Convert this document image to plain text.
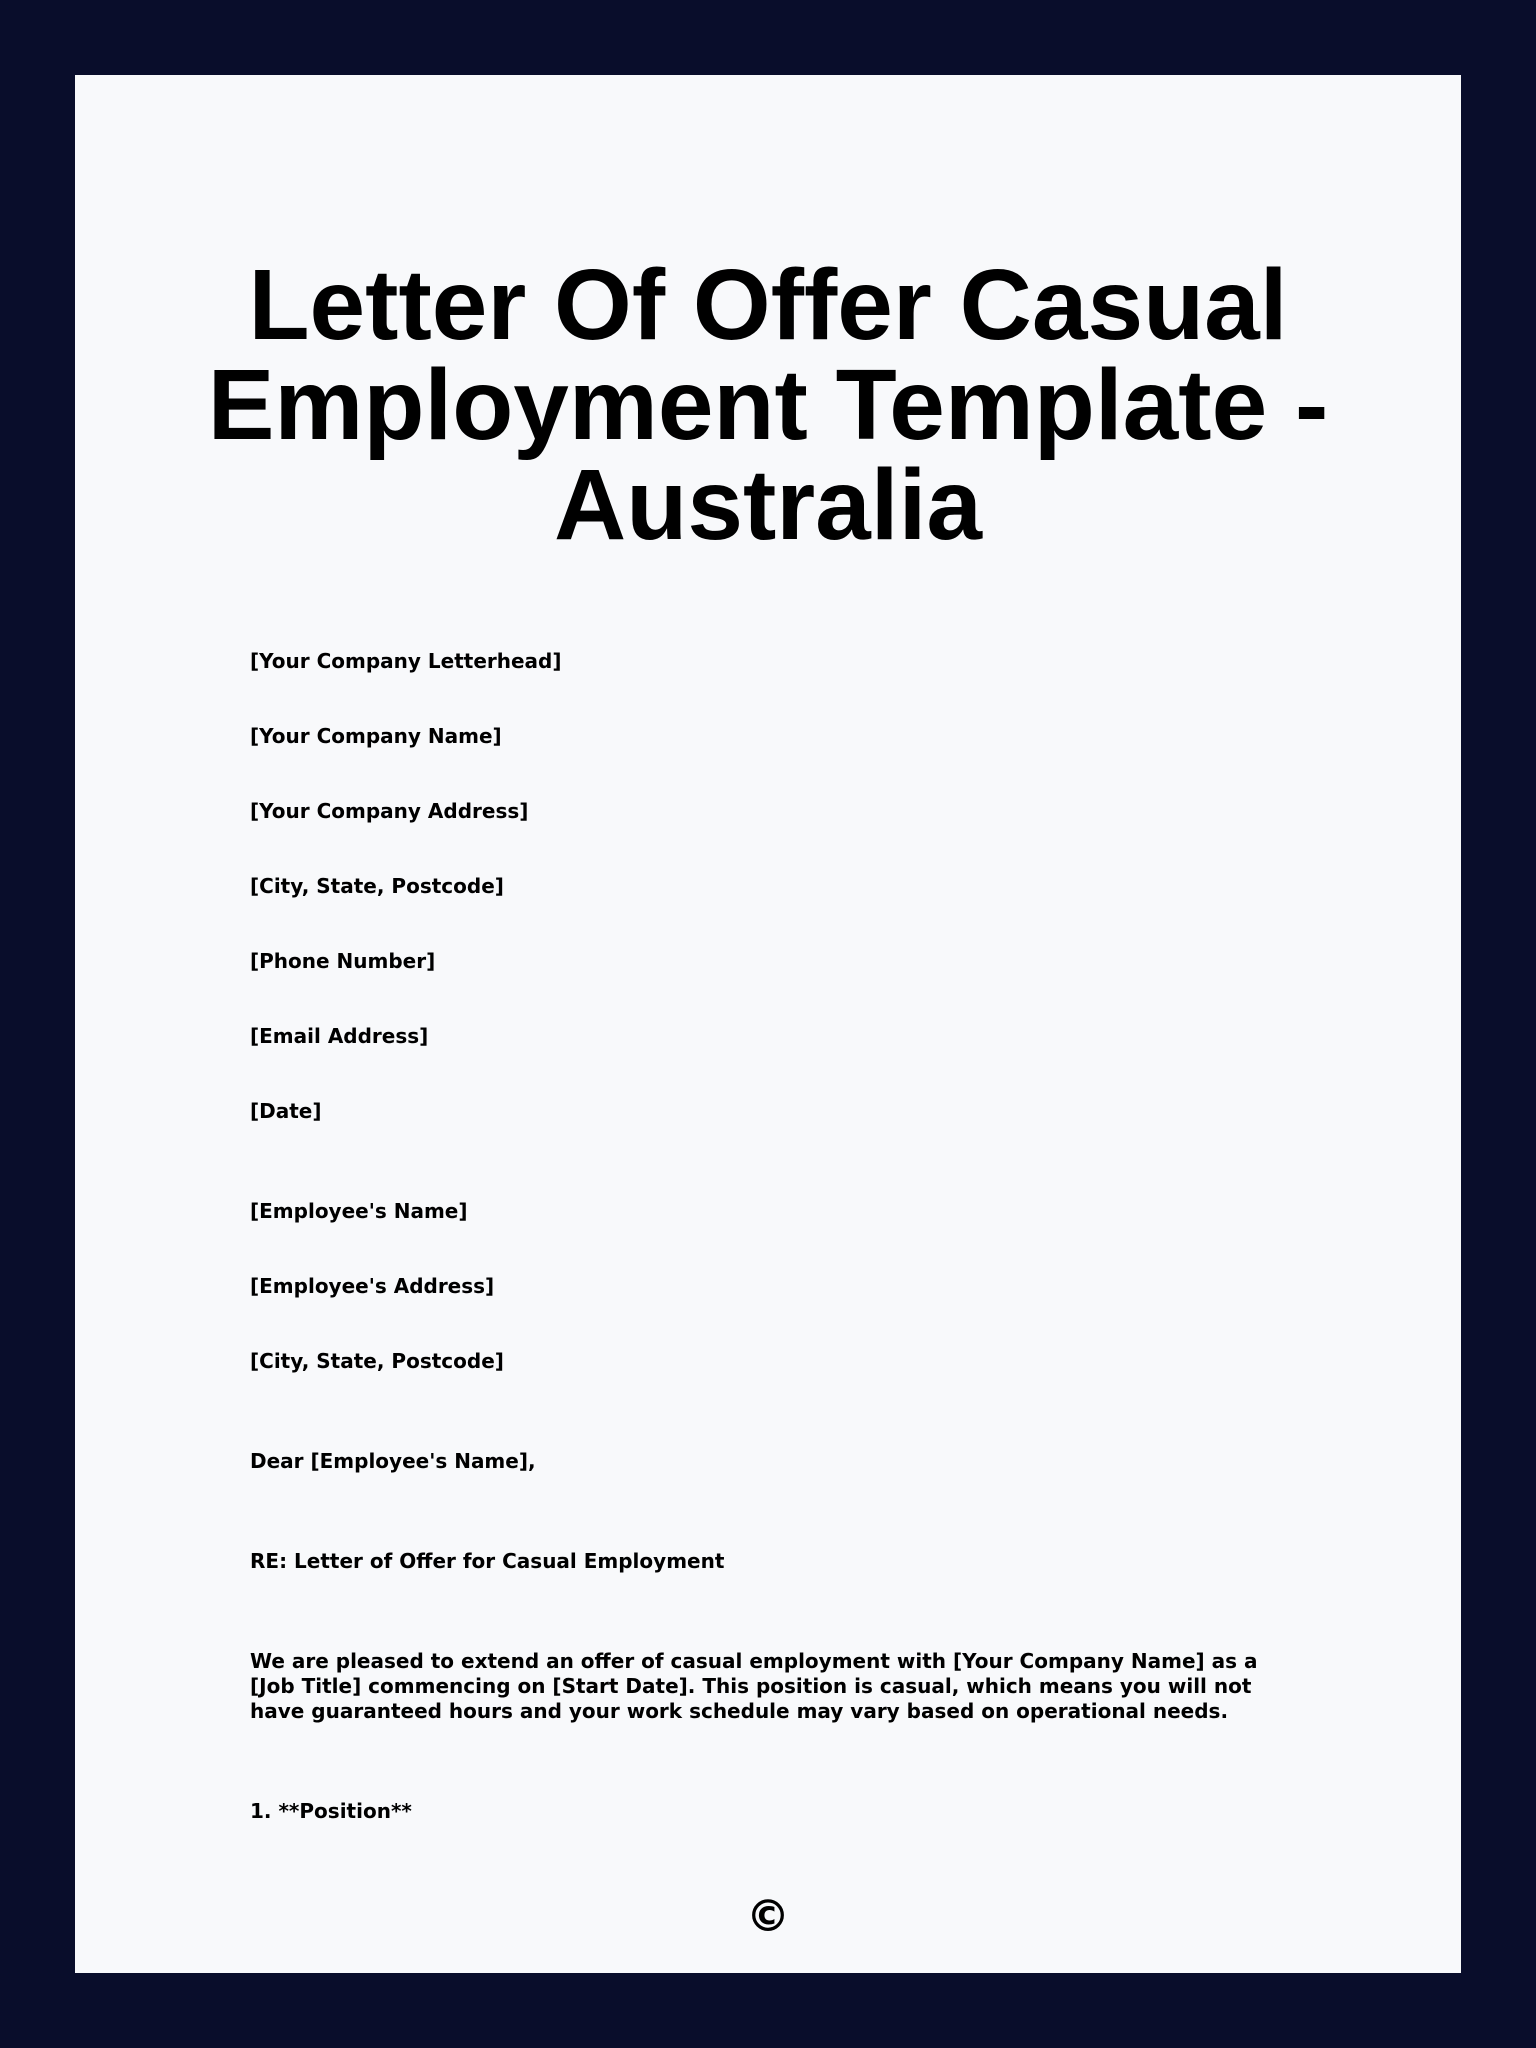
Letter Of Offer Casual Employment Template - Australia

[Your Company Letterhead]

[Your Company Name]

[Your Company Address]

[City, State, Postcode]

[Phone Number]

[Email Address]

[Date]

[Employee's Name]

[Employee's Address]

[City, State, Postcode]

Dear [Employee's Name],

RE: Letter of Offer for Casual Employment

We are pleased to extend an offer of casual employment with [Your Company Name] as a [Job Title] commencing on [Start Date]. This position is casual, which means you will not have guaranteed hours and your work schedule may vary based on operational needs.

1. **Position**

©
